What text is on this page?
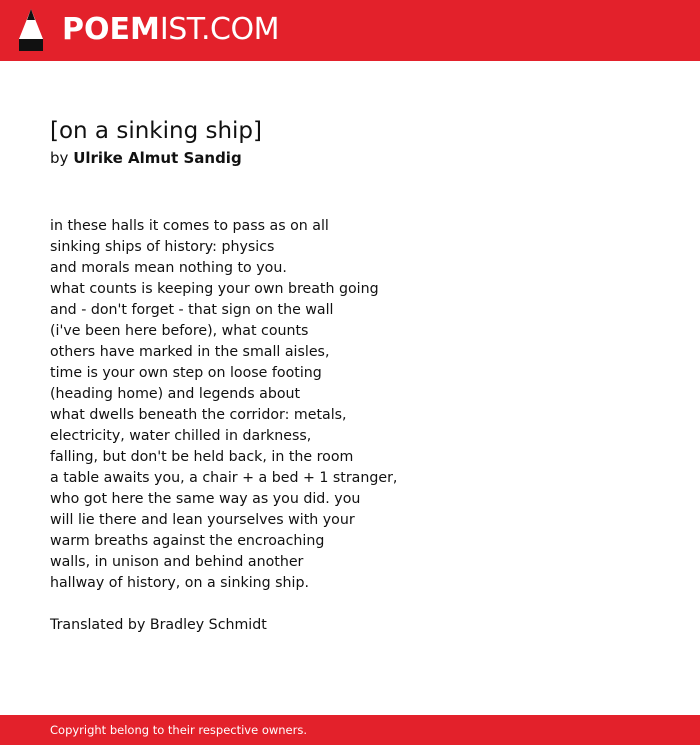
POEMIST.COM
[on a sinking ship]
by Ulrike Almut Sandig
in these halls it comes to pass as on all
sinking ships of history: physics
and morals mean nothing to you.
what counts is keeping your own breath going
and - don't forget - that sign on the wall
(i've been here before), what counts
others have marked in the small aisles,
time is your own step on loose footing
(heading home) and legends about
what dwells beneath the corridor: metals,
electricity, water chilled in darkness,
falling, but don't be held back, in the room
a table awaits you, a chair + a bed + 1 stranger,
who got here the same way as you did. you
will lie there and lean yourselves with your
warm breaths against the encroaching
walls, in unison and behind another
hallway of history, on a sinking ship.
Translated by Bradley Schmidt
Copyright belong to their respective owners.
